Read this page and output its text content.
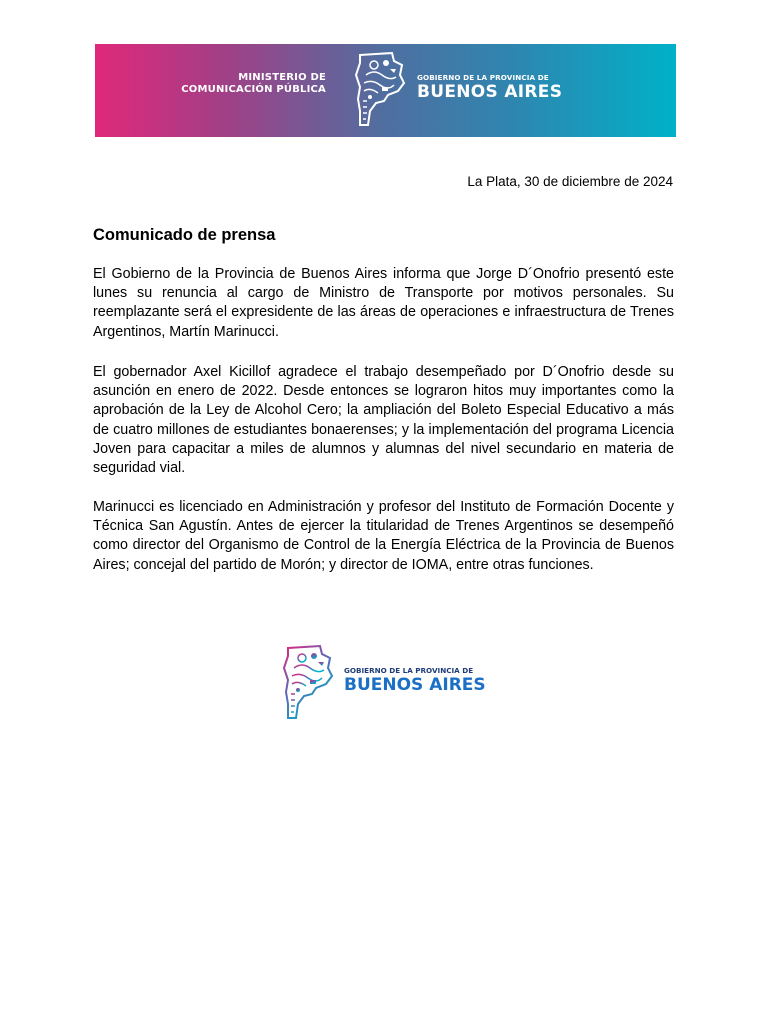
MINISTERIO DE
COMUNICACIÓN PÚBLICA
GOBIERNO DE LA PROVINCIA DE
BUENOS AIRES
La Plata, 30 de diciembre de 2024
Comunicado de prensa

El Gobierno de la Provincia de Buenos Aires informa que Jorge D´Onofrio presentó este lunes su renuncia al cargo de Ministro de Transporte por motivos personales. Su reemplazante será el expresidente de las áreas de operaciones e infraestructura de Trenes Argentinos, Martín Marinucci.

El gobernador Axel Kicillof agradece el trabajo desempeñado por D´Onofrio desde su asunción en enero de 2022. Desde entonces se lograron hitos muy importantes como la aprobación de la Ley de Alcohol Cero; la ampliación del Boleto Especial Educativo a más de cuatro millones de estudiantes bonaerenses; y la implementación del programa Licencia Joven para capacitar a miles de alumnos y alumnas del nivel secundario en materia de seguridad vial.

Marinucci es licenciado en Administración y profesor del Instituto de Formación Docente y Técnica San Agustín. Antes de ejercer la titularidad de Trenes Argentinos se desempeñó como director del Organismo de Control de la Energía Eléctrica de la Provincia de Buenos Aires; concejal del partido de Morón; y director de IOMA, entre otras funciones.

GOBIERNO DE LA PROVINCIA DE
BUENOS AIRES
